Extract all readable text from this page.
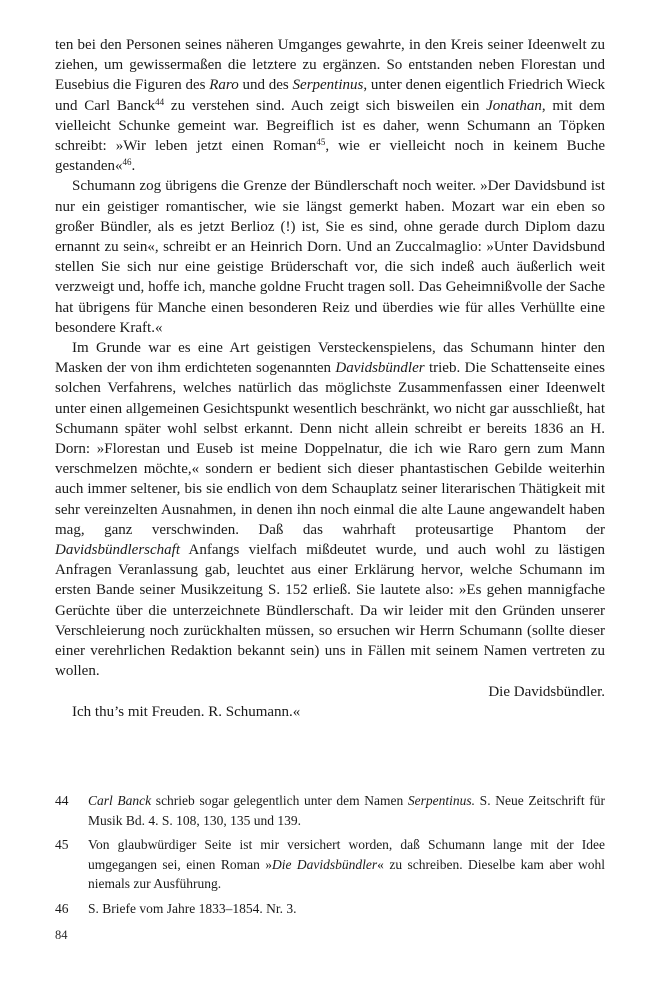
ten bei den Personen seines näheren Umganges gewahrte, in den Kreis seiner Ideenwelt zu ziehen, um gewissermaßen die letztere zu ergänzen. So entstanden neben Florestan und Eusebius die Figuren des Raro und des Serpentinus, unter denen eigentlich Friedrich Wieck und Carl Banck$^{44}$ zu verstehen sind. Auch zeigt sich bisweilen ein Jonathan, mit dem vielleicht Schunke gemeint war. Begreiflich ist es daher, wenn Schumann an Töpken schreibt: »Wir leben jetzt einen Roman$^{45}$, wie er vielleicht noch in keinem Buche gestanden«$^{46}$.

Schumann zog übrigens die Grenze der Bündlerschaft noch weiter. »Der Davidsbund ist nur ein geistiger romantischer, wie sie längst gemerkt haben. Mozart war ein eben so großer Bündler, als es jetzt Berlioz (!) ist, Sie es sind, ohne gerade durch Diplom dazu ernannt zu sein«, schreibt er an Heinrich Dorn. Und an Zuccalmaglio: »Unter Davidsbund stellen Sie sich nur eine geistige Brüderschaft vor, die sich indeß auch äußerlich weit verzweigt und, hoffe ich, manche goldne Frucht tragen soll. Das Geheimnißvolle der Sache hat übrigens für Manche einen besonderen Reiz und überdies wie für alles Verhüllte eine besondere Kraft.«

Im Grunde war es eine Art geistigen Versteckenspielens, das Schumann hinter den Masken der von ihm erdichteten sogenannten Davidsbündler trieb. Die Schattenseite eines solchen Verfahrens, welches natürlich das möglichste Zusammenfassen einer Ideenwelt unter einen allgemeinen Gesichtspunkt wesentlich beschränkt, wo nicht gar ausschließt, hat Schumann später wohl selbst erkannt. Denn nicht allein schreibt er bereits 1836 an H. Dorn: »Florestan und Euseb ist meine Doppelnatur, die ich wie Raro gern zum Mann verschmelzen möchte,« sondern er bedient sich dieser phantastischen Gebilde weiterhin auch immer seltener, bis sie endlich von dem Schauplatz seiner literarischen Thätigkeit mit sehr vereinzelten Ausnahmen, in denen ihn noch einmal die alte Laune angewandelt haben mag, ganz verschwinden. Daß das wahrhaft proteusartige Phantom der Davidsbündlerschaft Anfangs vielfach mißdeutet wurde, und auch wohl zu lästigen Anfragen Veranlassung gab, leuchtet aus einer Erklärung hervor, welche Schumann im ersten Bande seiner Musikzeitung S. 152 erließ. Sie lautete also: »Es gehen mannigfache Gerüchte über die unterzeichnete Bündlerschaft. Da wir leider mit den Gründen unserer Verschleierung noch zurückhalten müssen, so ersuchen wir Herrn Schumann (sollte dieser einer verehrlichen Redaktion bekannt sein) uns in Fällen mit seinem Namen vertreten zu wollen.

Die Davidsbündler.

Ich thu’s mit Freuden. R. Schumann.«

44	Carl Banck schrieb sogar gelegentlich unter dem Namen Serpentinus. S. Neue Zeitschrift für Musik Bd. 4. S. 108, 130, 135 und 139.
45	Von glaubwürdiger Seite ist mir versichert worden, daß Schumann lange mit der Idee umgegangen sei, einen Roman »Die Davidsbündler« zu schreiben. Dieselbe kam aber wohl niemals zur Ausführung.
46	S. Briefe vom Jahre 1833–1854. Nr. 3.
84
